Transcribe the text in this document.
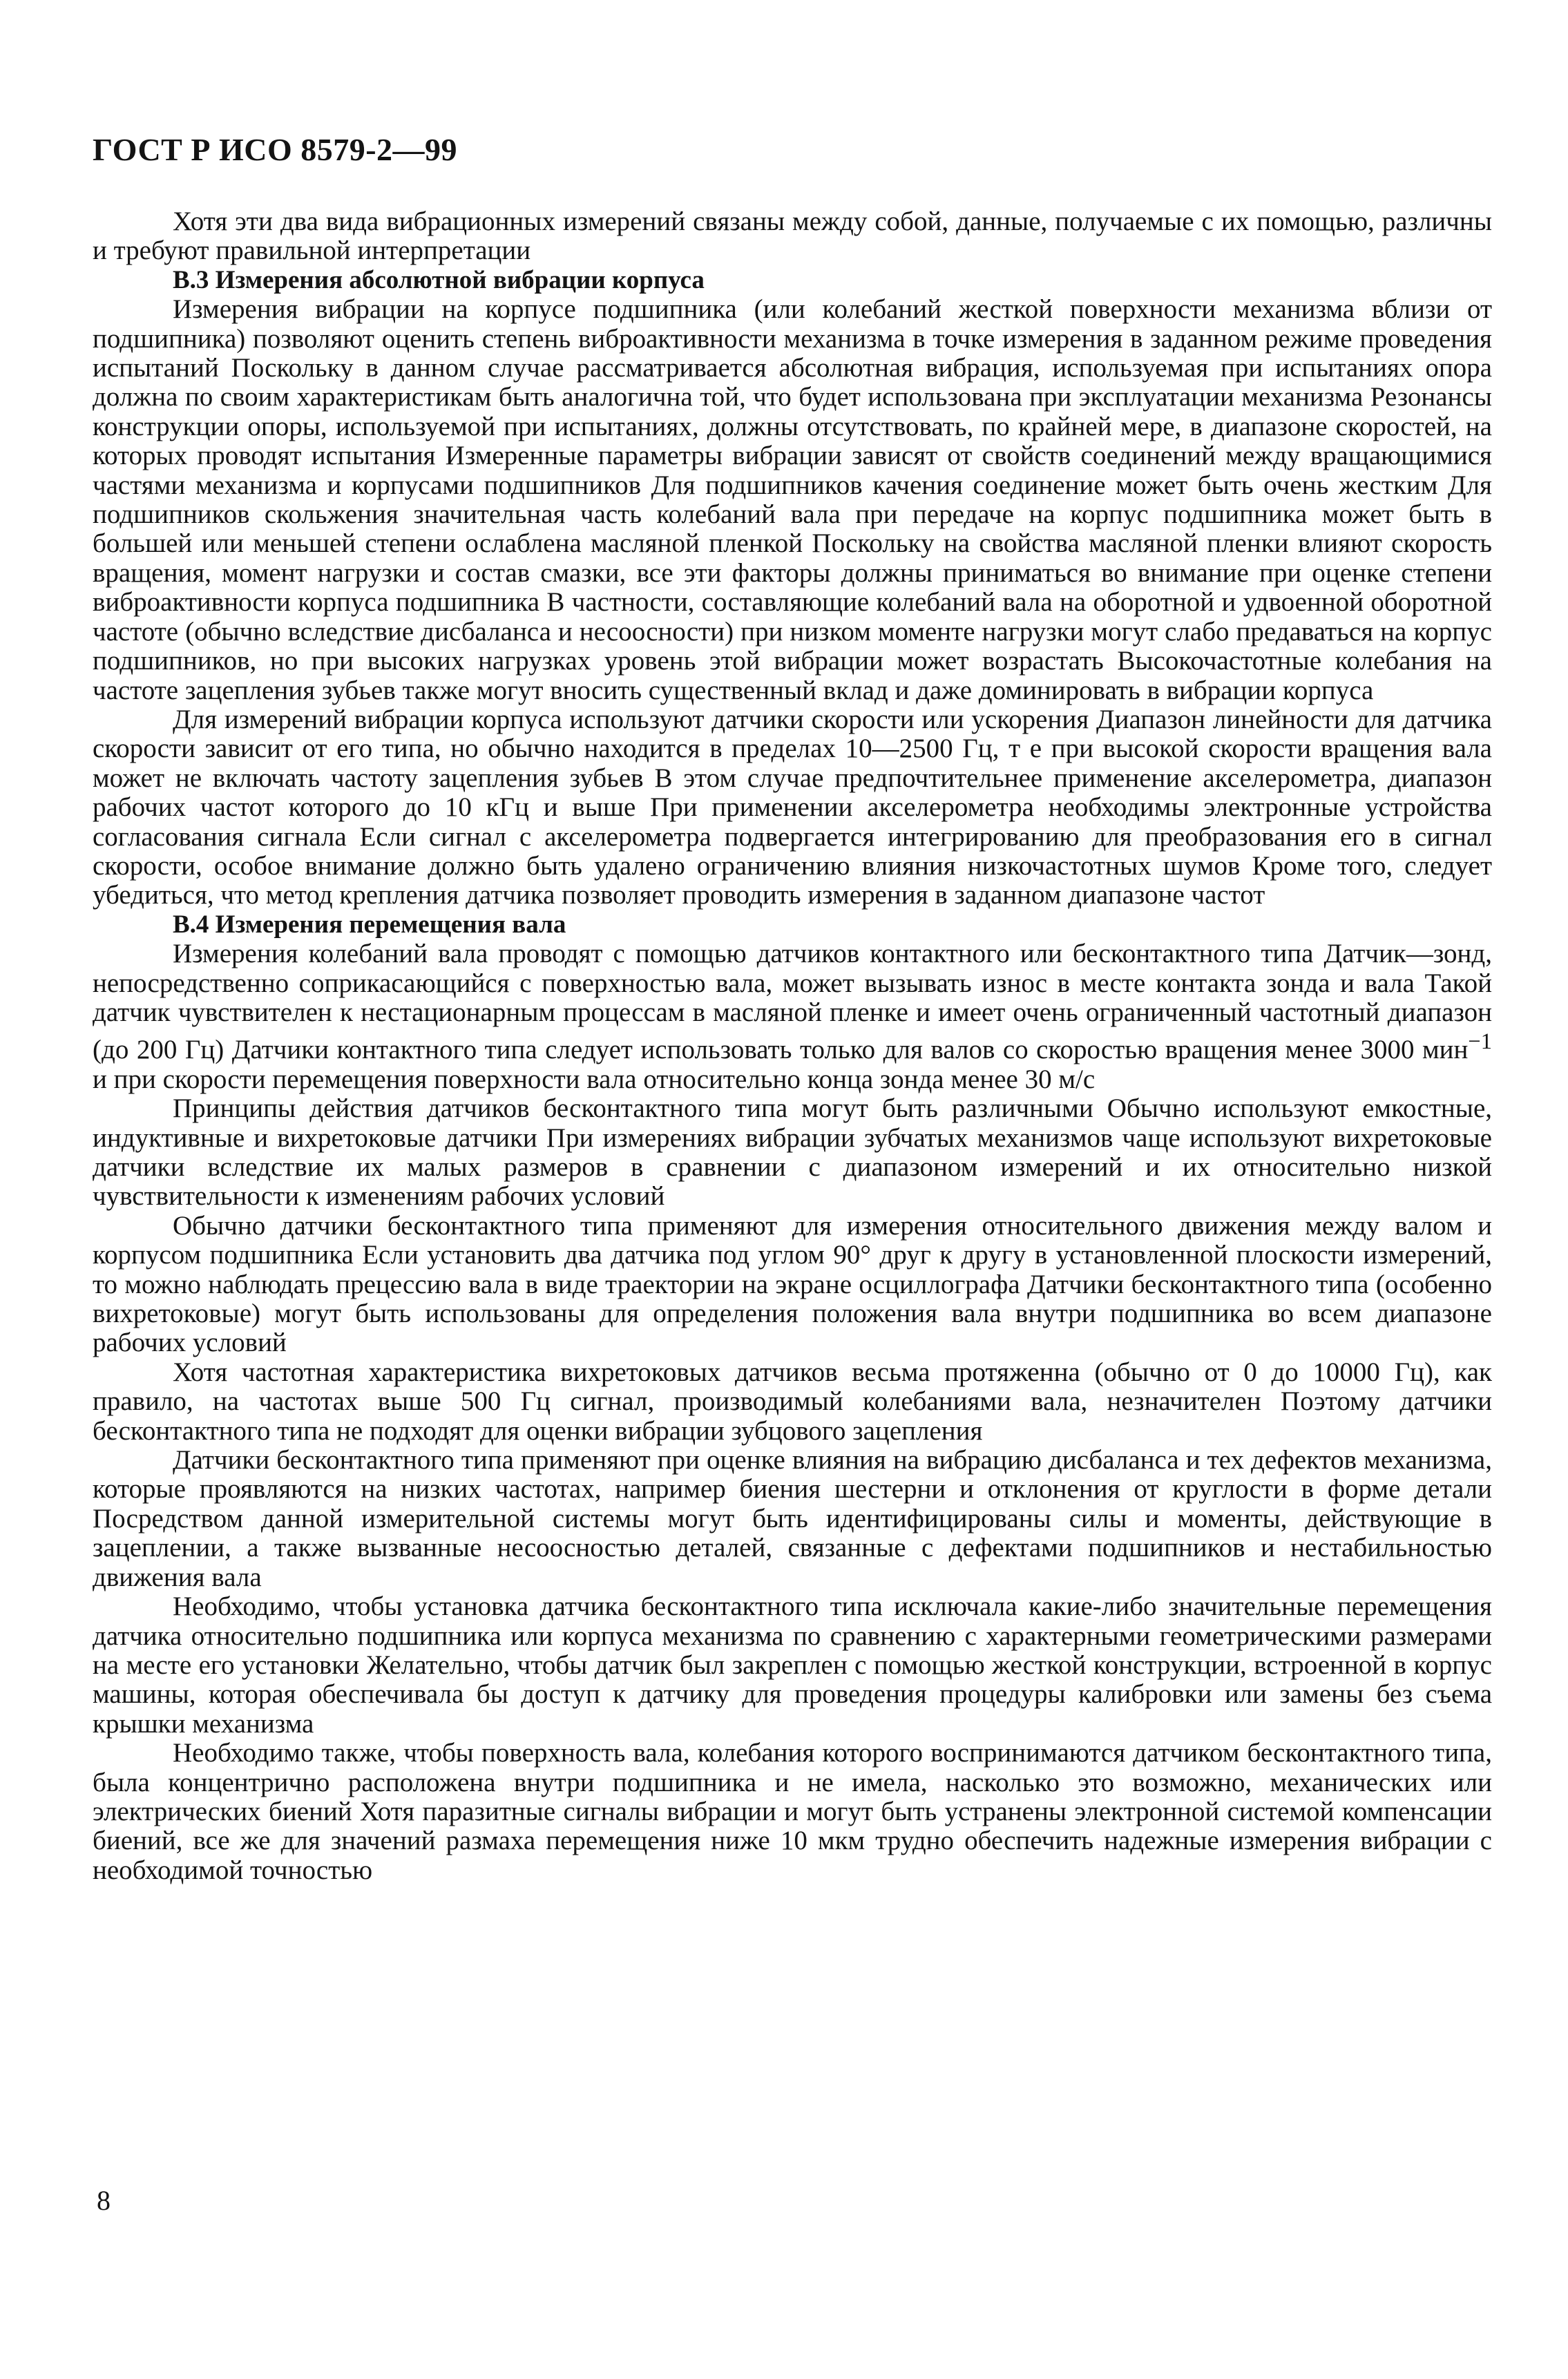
ГОСТ Р ИСО 8579-2—99

Хотя эти два вида вибрационных измерений связаны между собой, данные, получаемые с их помощью, различны и требуют правильной интерпретации

В.3 Измерения абсолютной вибрации корпуса

Измерения вибрации на корпусе подшипника (или колебаний жесткой поверхности механизма вблизи от подшипника) позволяют оценить степень виброактивности механизма в точке измерения в заданном режиме проведения испытаний Поскольку в данном случае рассматривается абсолютная вибрация, используемая при испытаниях опора должна по своим характеристикам быть аналогична той, что будет использована при эксплуатации механизма Резонансы конструкции опоры, используемой при испытаниях, должны отсутствовать, по крайней мере, в диапазоне скоростей, на которых проводят испытания Измеренные параметры вибрации зависят от свойств соединений между вращающимися частями механизма и корпусами подшипников Для подшипников качения соединение может быть очень жестким Для подшипников скольжения значительная часть колебаний вала при передаче на корпус подшипника может быть в большей или меньшей степени ослаблена масляной пленкой Поскольку на свойства масляной пленки влияют скорость вращения, момент нагрузки и состав смазки, все эти факторы должны приниматься во внимание при оценке степени виброактивности корпуса подшипника В частности, составляющие колебаний вала на оборотной и удвоенной оборотной частоте (обычно вследствие дисбаланса и несоосности) при низком моменте нагрузки могут слабо предаваться на корпус подшипников, но при высоких нагрузках уровень этой вибрации может возрастать Высокочастотные колебания на частоте зацепления зубьев также могут вносить существенный вклад и даже доминировать в вибрации корпуса

Для измерений вибрации корпуса используют датчики скорости или ускорения Диапазон линейности для датчика скорости зависит от его типа, но обычно находится в пределах 10—2500 Гц, т е при высокой скорости вращения вала может не включать частоту зацепления зубьев В этом случае предпочтительнее применение акселерометра, диапазон рабочих частот которого до 10 кГц и выше При применении акселерометра необходимы электронные устройства согласования сигнала Если сигнал с акселерометра подвергается интегрированию для преобразования его в сигнал скорости, особое внимание должно быть удалено ограничению влияния низкочастотных шумов Кроме того, следует убедиться, что метод крепления датчика позволяет проводить измерения в заданном диапазоне частот

В.4 Измерения перемещения вала

Измерения колебаний вала проводят с помощью датчиков контактного или бесконтактного типа Датчик—зонд, непосредственно соприкасающийся с поверхностью вала, может вызывать износ в месте контакта зонда и вала Такой датчик чувствителен к нестационарным процессам в масляной пленке и имеет очень ограниченный частотный диапазон (до 200 Гц) Датчики контактного типа следует использовать только для валов со скоростью вращения менее 3000 мин$^{-1}$ и при скорости перемещения поверхности вала относительно конца зонда менее 30 м/с

Принципы действия датчиков бесконтактного типа могут быть различными Обычно используют емкостные, индуктивные и вихретоковые датчики При измерениях вибрации зубчатых механизмов чаще используют вихретоковые датчики вследствие их малых размеров в сравнении с диапазоном измерений и их относительно низкой чувствительности к изменениям рабочих условий

Обычно датчики бесконтактного типа применяют для измерения относительного движения между валом и корпусом подшипника Если установить два датчика под углом 90° друг к другу в установленной плоскости измерений, то можно наблюдать прецессию вала в виде траектории на экране осциллографа Датчики бесконтактного типа (особенно вихретоковые) могут быть использованы для определения положения вала внутри подшипника во всем диапазоне рабочих условий

Хотя частотная характеристика вихретоковых датчиков весьма протяженна (обычно от 0 до 10000 Гц), как правило, на частотах выше 500 Гц сигнал, производимый колебаниями вала, незначителен Поэтому датчики бесконтактного типа не подходят для оценки вибрации зубцового зацепления

Датчики бесконтактного типа применяют при оценке влияния на вибрацию дисбаланса и тех дефектов механизма, которые проявляются на низких частотах, например биения шестерни и отклонения от круглости в форме детали Посредством данной измерительной системы могут быть идентифицированы силы и моменты, действующие в зацеплении, а также вызванные несоосностью деталей, связанные с дефектами подшипников и нестабильностью движения вала

Необходимо, чтобы установка датчика бесконтактного типа исключала какие-либо значительные перемещения датчика относительно подшипника или корпуса механизма по сравнению с характерными геометрическими размерами на месте его установки Желательно, чтобы датчик был закреплен с помощью жесткой конструкции, встроенной в корпус машины, которая обеспечивала бы доступ к датчику для проведения процедуры калибровки или замены без съема крышки механизма

Необходимо также, чтобы поверхность вала, колебания которого воспринимаются датчиком бесконтактного типа, была концентрично расположена внутри подшипника и не имела, насколько это возможно, механических или электрических биений Хотя паразитные сигналы вибрации и могут быть устранены электронной системой компенсации биений, все же для значений размаха перемещения ниже 10 мкм трудно обеспечить надежные измерения вибрации с необходимой точностью

8
